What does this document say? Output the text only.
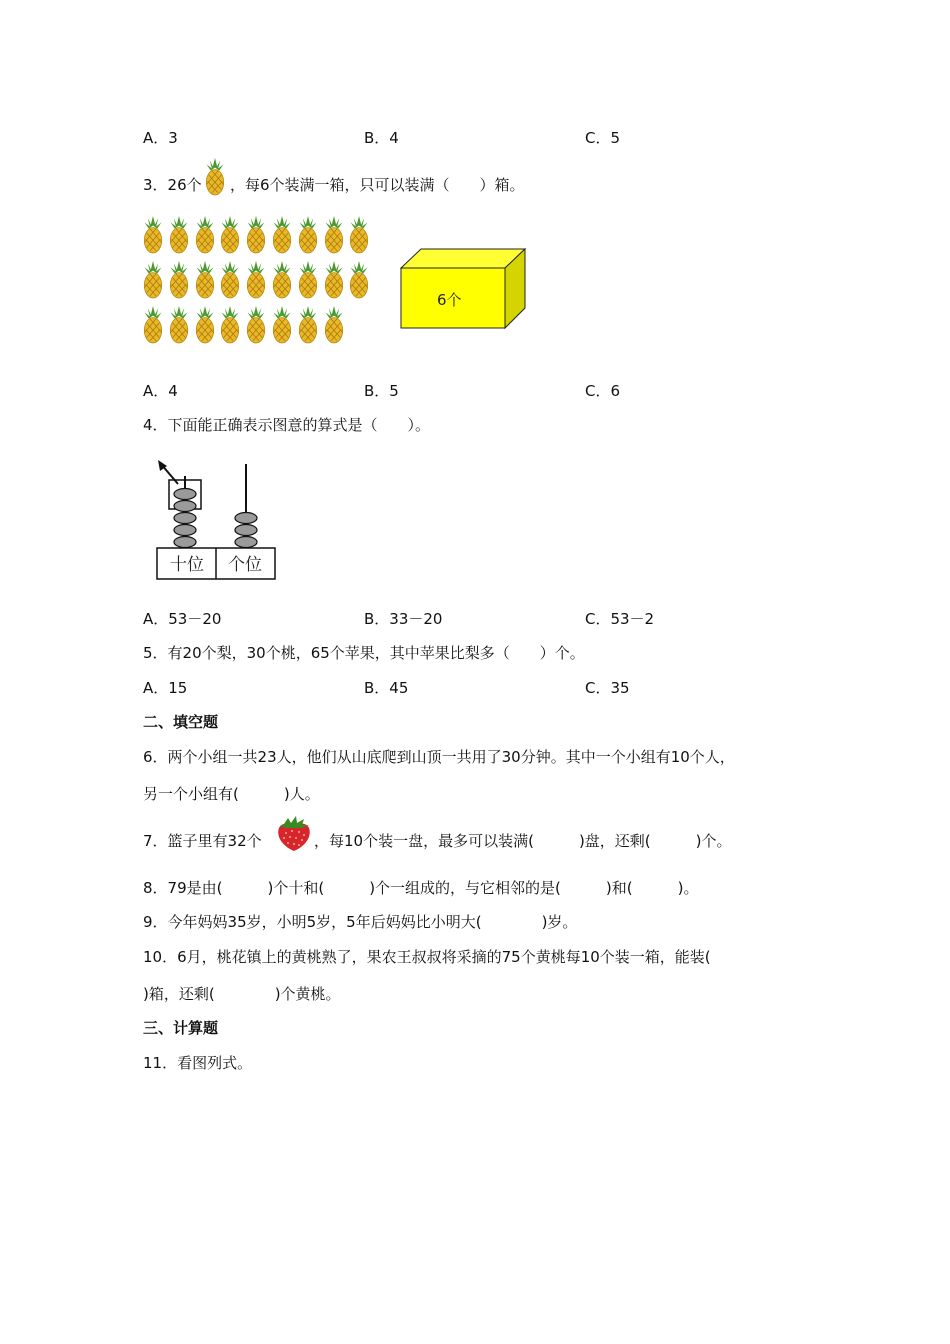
A．3	B．4	C．5
3．26个 ，每6个装满一箱，只可以装满（　　）箱。
6个
A．4	B．5	C．6
4．下面能正确表示图意的算式是（　　）。
十位 个位
A．53－20	B．33－20	C．53－2
5．有20个梨，30个桃，65个苹果，其中苹果比梨多（　　）个。
A．15	B．45	C．35
二、填空题
6．两个小组一共23人，他们从山底爬到山顶一共用了30分钟。其中一个小组有10个人，
另一个小组有(　　　)人。
7．篮子里有32个	，每10个装一盘，最多可以装满(　　　)盘，还剩(　　　)个。
8．79是由(　　　)个十和(　　　)个一组成的，与它相邻的是(　　　)和(　　　)。
9．今年妈妈35岁，小明5岁，5年后妈妈比小明大(　　　　)岁。
10．6月，桃花镇上的黄桃熟了，果农王叔叔将采摘的75个黄桃每10个装一箱，能装(
)箱，还剩(　　　　)个黄桃。
三、计算题
11．看图列式。
